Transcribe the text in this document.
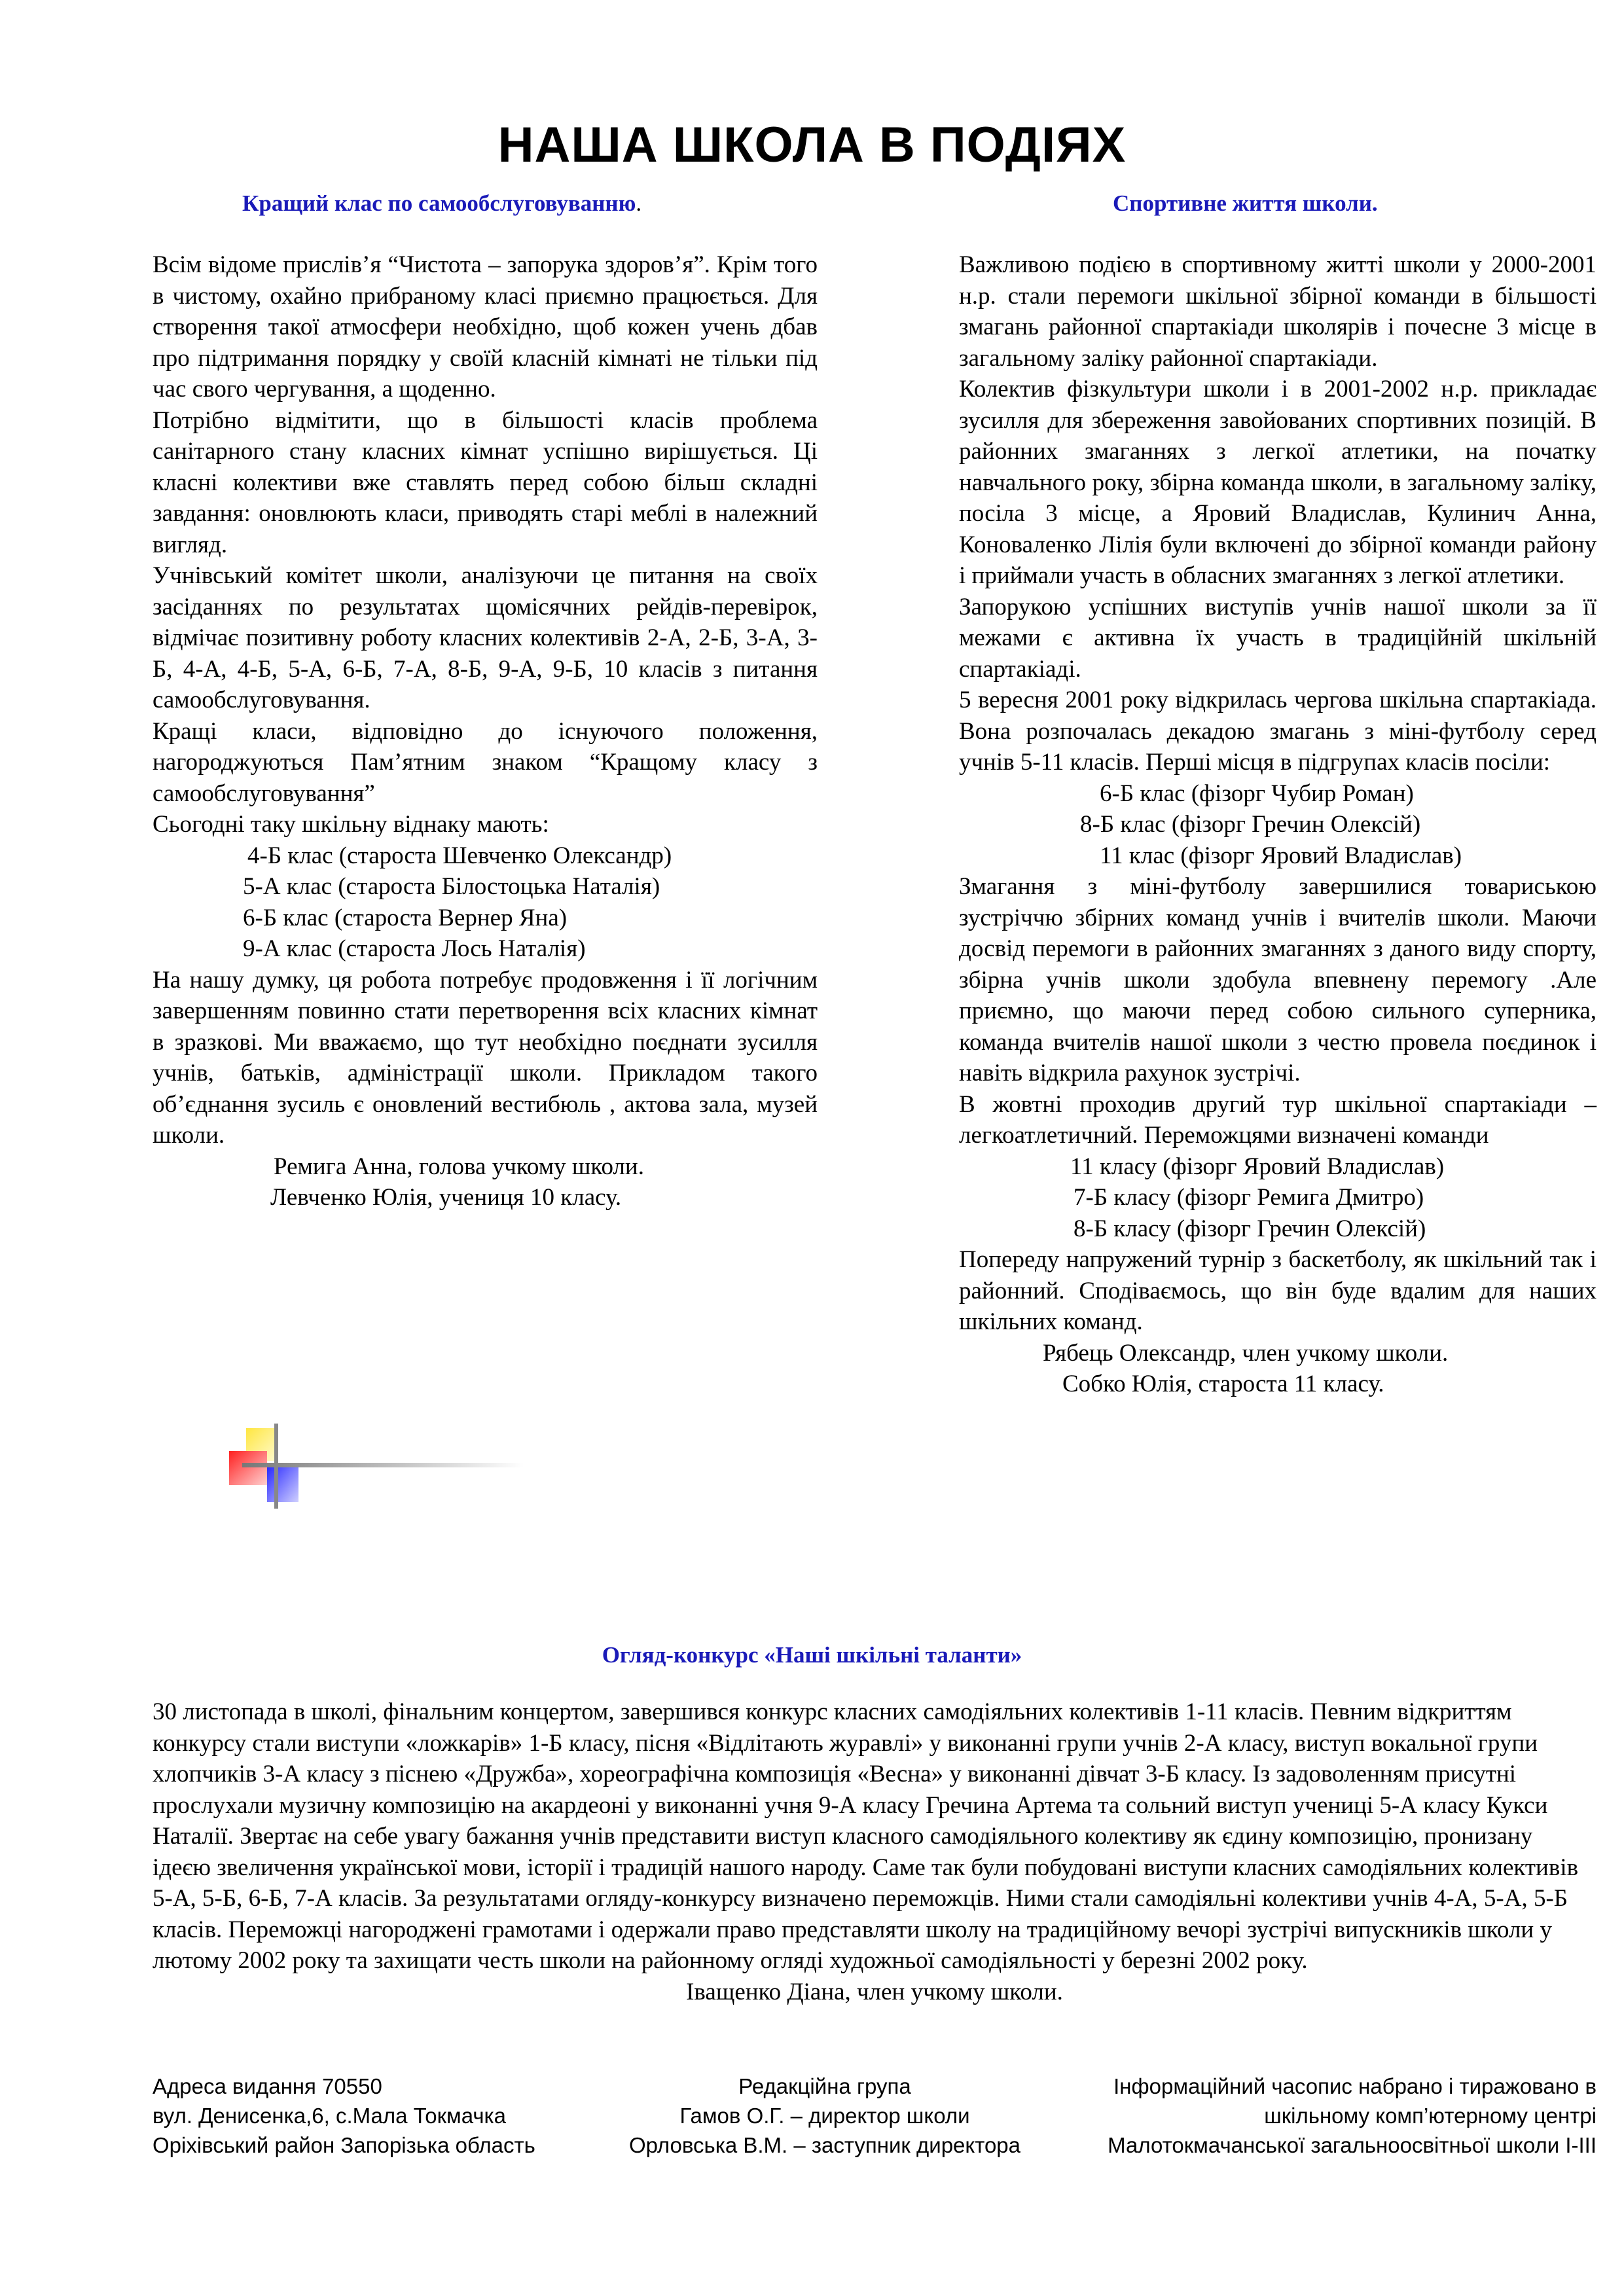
НАША ШКОЛА В ПОДІЯХ
Кращий клас по самообслуговуванню.	Спортивне життя школи.

Всім відоме прислів’я “Чистота – запорука здоров’я”. Крім того в чистому, охайно прибраному класі приємно працюється. Для створення такої атмосфери необхідно, щоб кожен учень дбав про підтримання порядку у своїй класній кімнаті не тільки під час свого чергування, а щоденно.

Потрібно відмітити, що в більшості класів проблема санітарного стану класних кімнат успішно вирішується. Ці класні колективи вже ставлять перед собою більш складні завдання: оновлюють класи, приводять старі меблі в належний вигляд.

Учнівський комітет школи, аналізуючи це питання на своїх засіданнях по результатах щомісячних рейдів-перевірок, відмічає позитивну роботу класних колективів 2-А, 2-Б, 3-А, 3-Б, 4-А, 4-Б, 5-А, 6-Б, 7-А, 8-Б, 9-А, 9-Б, 10 класів з питання самообслуговування.

Кращі класи, відповідно до існуючого положення, нагороджуються Пам’ятним знаком “Кращому класу з самообслуговування”

Сьогодні таку шкільну віднаку мають:

4-Б клас (староста Шевченко Олександр)

5-А клас (староста Білостоцька Наталія)

6-Б клас (староста Вернер Яна)

9-А клас (староста Лось Наталія)

На нашу думку, ця робота потребує продовження і її логічним завершенням повинно стати перетворення всіх класних кімнат в зразкові. Ми вважаємо, що тут необхідно поєднати зусилля учнів, батьків, адміністрації школи. Прикладом такого об’єднання зусиль є оновлений вестибюль , актова зала, музей школи.

Ремига Анна, голова учкому школи.

Левченко Юлія, учениця 10 класу.

Важливою подією в спортивному житті школи у 2000-2001 н.р. стали перемоги шкільної збірної команди в більшості змагань районної спартакіади школярів і почесне 3 місце в загальному заліку районної спартакіади.

Колектив фізкультури школи і в 2001-2002 н.р. прикладає зусилля для збереження завойованих спортивних позицій. В районних змаганнях з легкої атлетики, на початку навчального року, збірна команда школи, в загальному заліку, посіла 3 місце, а Яровий Владислав, Кулинич Анна, Коноваленко Лілія були включені до збірної команди району і приймали участь в обласних змаганнях з легкої атлетики.

Запорукою успішних виступів учнів нашої школи за її межами є активна їх участь в традиційній шкільній спартакіаді.

5 вересня 2001 року відкрилась чергова шкільна спартакіада. Вона розпочалась декадою змагань з міні-футболу серед учнів 5-11 класів. Перші місця в підгрупах класів посіли:

6-Б клас (фізорг Чубир Роман)

8-Б клас (фізорг Гречин Олексій)

11 клас (фізорг Яровий Владислав)

Змагання з міні-футболу завершилися товариською зустріччю збірних команд учнів і вчителів школи. Маючи досвід перемоги в районних змаганнях з даного виду спорту, збірна учнів школи здобула впевнену перемогу .Але приємно, що маючи перед собою сильного суперника, команда вчителів нашої школи з честю провела поєдинок і навіть відкрила рахунок зустрічі.

В жовтні проходив другий тур шкільної спартакіади – легкоатлетичний. Переможцями визначені команди

11 класу (фізорг Яровий Владислав)

7-Б класу (фізорг Ремига Дмитро)

8-Б класу (фізорг Гречин Олексій)

Попереду напружений турнір з баскетболу, як шкільний так і районний. Сподіваємось, що він буде вдалим для наших шкільних команд.

Рябець Олександр, член учкому школи.

Собко Юлія, староста 11 класу.

Огляд-конкурс «Наші шкільні таланти»

30 листопада в школі, фінальним концертом, завершився конкурс класних самодіяльних колективів 1-11 класів. Певним відкриттям конкурсу стали виступи «ложкарів» 1-Б класу, пісня «Відлітають журавлі» у виконанні групи учнів 2-А класу, виступ вокальної групи хлопчиків 3-А класу з піснею «Дружба», хореографічна композиція «Весна» у виконанні дівчат 3-Б класу. Із задоволенням присутні прослухали музичну композицію на акардеоні у виконанні учня 9-А класу Гречина Артема та сольний виступ учениці 5-А класу Кукси Наталії. Звертає на себе увагу бажання учнів представити виступ класного самодіяльного колективу як єдину композицію, пронизану ідеєю звеличення української мови, історії і традицій нашого народу. Саме так були побудовані виступи класних самодіяльних колективів 5-А, 5-Б, 6-Б, 7-А класів. За результатами огляду-конкурсу визначено переможців. Ними стали самодіяльні колективи учнів 4-А, 5-А, 5-Б класів. Переможці нагороджені грамотами і одержали право представляти школу на традиційному вечорі зустрічі випускників школи у лютому 2002 року та захищати честь школи на районному огляді художньої самодіяльності у березні 2002 року.

Іващенко Діана, член учкому школи.

Адреса видання 70550
вул. Денисенка,6, с.Мала Токмачка
Оріхівський район Запорізька область
Редакційна група
Гамов О.Г. – директор школи
Орловська В.М. – заступник директора
Інформаційний часопис набрано і тиражовано в
шкільному комп’ютерному центрі
Малотокмачанської загальноосвітньої школи І-ІІІ
